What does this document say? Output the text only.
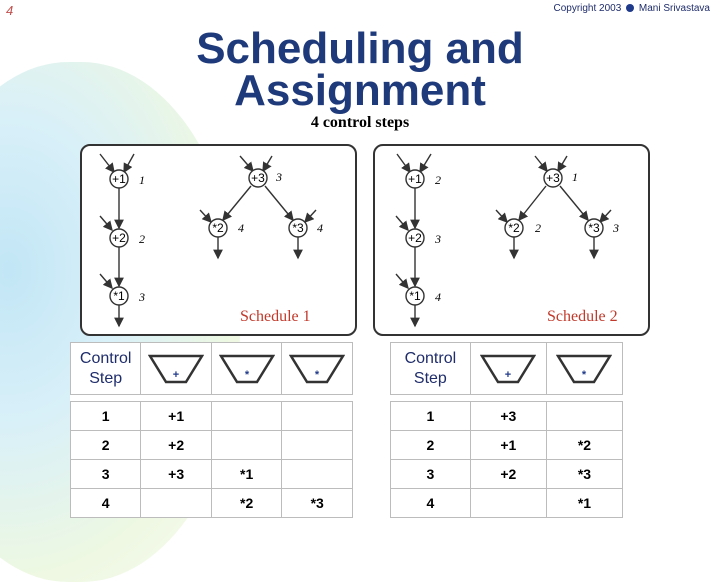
4	Copyright 2003 Mani Srivastava
Scheduling and
Assignment
4 control steps
+1 1
+2 2
*1 3
+3 3
*2 4	*3 4
Schedule 1
+1 2
+2 3
*1 4
+3 1
*2 2	*3 3
Schedule 2
Control
Step	+	*	*

1	+1		
2	+2		
3	+3	*1	
4		*2	*3
Control
Step	+	*

1	+3	
2	+1	*2
3	+2	*3
4		*1
